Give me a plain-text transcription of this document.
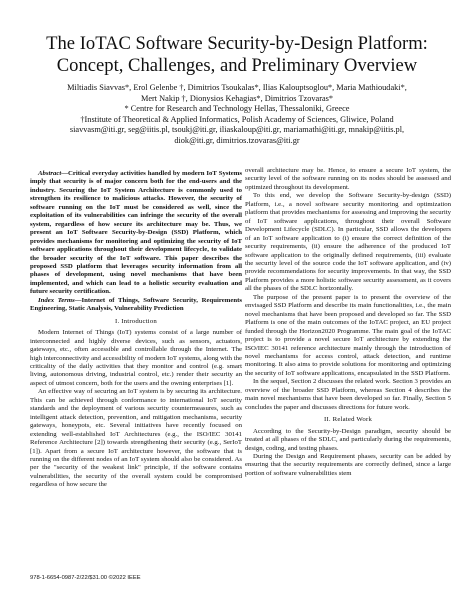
The IoTAC Software Security-by-Design Platform:
Concept, Challenges, and Preliminary Overview
Miltiadis Siavvas*, Erol Gelenbe †, Dimitrios Tsoukalas*, Ilias Kalouptsoglou*, Maria Mathioudaki*,
Mert Nakip †, Dionysios Kehagias*, Dimitrios Tzovaras*
* Centre for Research and Technology Hellas, Thessaloniki, Greece
†Institute of Theoretical & Applied Informatics, Polish Academy of Sciences, Gliwice, Poland
siavvasm@iti.gr, seg@iitis.pl, tsoukj@iti.gr, iliaskaloup@iti.gr, mariamathi@iti.gr, mnakip@iitis.pl,
diok@iti.gr, dimitrios.tzovaras@iti.gr

Abstract—Critical everyday activities handled by modern IoT Systems imply that security is of major concern both for the end-users and the industry. Securing the IoT System Architecture is commonly used to strengthen its resilience to malicious attacks. However, the security of software running on the IoT must be considered as well, since the exploitation of its vulnerabilities can infringe the security of the overall system, regardless of how secure its architecture may be. Thus, we present an IoT Software Security-by-Design (SSD) Platform, which provides mechanisms for monitoring and optimizing the security of IoT software applications throughout their development lifecycle, to validate the broader security of the IoT software. This paper describes the proposed SSD platform that leverages security information from all phases of development, using novel mechanisms that have been implemented, and which can lead to a holistic security evaluation and future security certification.

Index Terms—Internet of Things, Software Security, Requirements Engineering, Static Analysis, Vulnerability Prediction

I. Introduction

Modern Internet of Things (IoT) systems consist of a large number of interconnected and highly diverse devices, such as sensors, actuators, gateways, etc., often accessible and controllable through the Internet. The high interconnectivity and accessibility of modern IoT systems, along with the criticality of the daily activities that they monitor and control (e.g. smart living, autonomous driving, industrial control, etc.) render their security an aspect of utmost concern, both for the users and the owning enterprises [1].

An effective way of securing an IoT system is by securing its architecture. This can be achieved through conformance to international IoT security standards and the deployment of various security countermeasures, such as intelligent attack detection, prevention, and mitigation mechanisms, security gateways, honeypots, etc. Several initiatives have recently focused on extending well-established IoT Architectures (e.g., the ISO/IEC 30141 Reference Architecture [2]) towards strengthening their security (e.g., SerIoT [1]). Apart from a secure IoT architecture however, the software that is running on the different nodes of an IoT system should also be considered. As per the "security of the weakest link" principle, if the software contains vulnerabilities, the security of the overall system could be compromised regardless of how secure the

overall architecture may be. Hence, to ensure a secure IoT system, the security level of the software running on its nodes should be assessed and optimized throughout its development.

To this end, we develop the Software Security-by-design (SSD) Platform, i.e., a novel software security monitoring and optimization platform that provides mechanisms for assessing and improving the security of IoT software applications, throughout their overall Software Development Lifecycle (SDLC). In particular, SSD allows the developers of an IoT software application to (i) ensure the correct definition of the security requirements, (ii) ensure the adherence of the produced IoT software application to the originally defined requirements, (iii) evaluate the security level of the source code the IoT software application, and (iv) provide recommendations for security improvements. In that way, the SSD Platform provides a more holistic software security assessment, as it covers all the phases of the SDLC horizontally.

The purpose of the present paper is to present the overview of the envisaged SSD Platform and describe its main functionalities, i.e., the main novel mechanisms that have been proposed and developed so far. The SSD Platform is one of the main outcomes of the IoTAC project, an EU project funded through the Horizon2020 Programme. The main goal of the IoTAC project is to provide a novel secure IoT architecture by extending the ISO/IEC 30141 reference architecture mainly through the introduction of novel mechanisms for access control, attack detection, and runtime monitoring. It also aims to provide solutions for monitoring and optimizing the security of IoT software applications, encapsulated in the SSD Platform.

In the sequel, Section 2 discusses the related work. Section 3 provides an overview of the broader SSD Platform, whereas Section 4 describes the main novel mechanisms that have been developed so far. Finally, Section 5 concludes the paper and discusses directions for future work.

II. Related Work

According to the Security-by-Design paradigm, security should be treated at all phases of the SDLC, and particularly during the requirements, design, coding, and testing phases.

During the Design and Requirement phases, security can be added by ensuring that the security requirements are correctly defined, since a large portion of software vulnerabilities stem

978-1-6654-0987-2/22/$31.00 ©2022 IEEE
